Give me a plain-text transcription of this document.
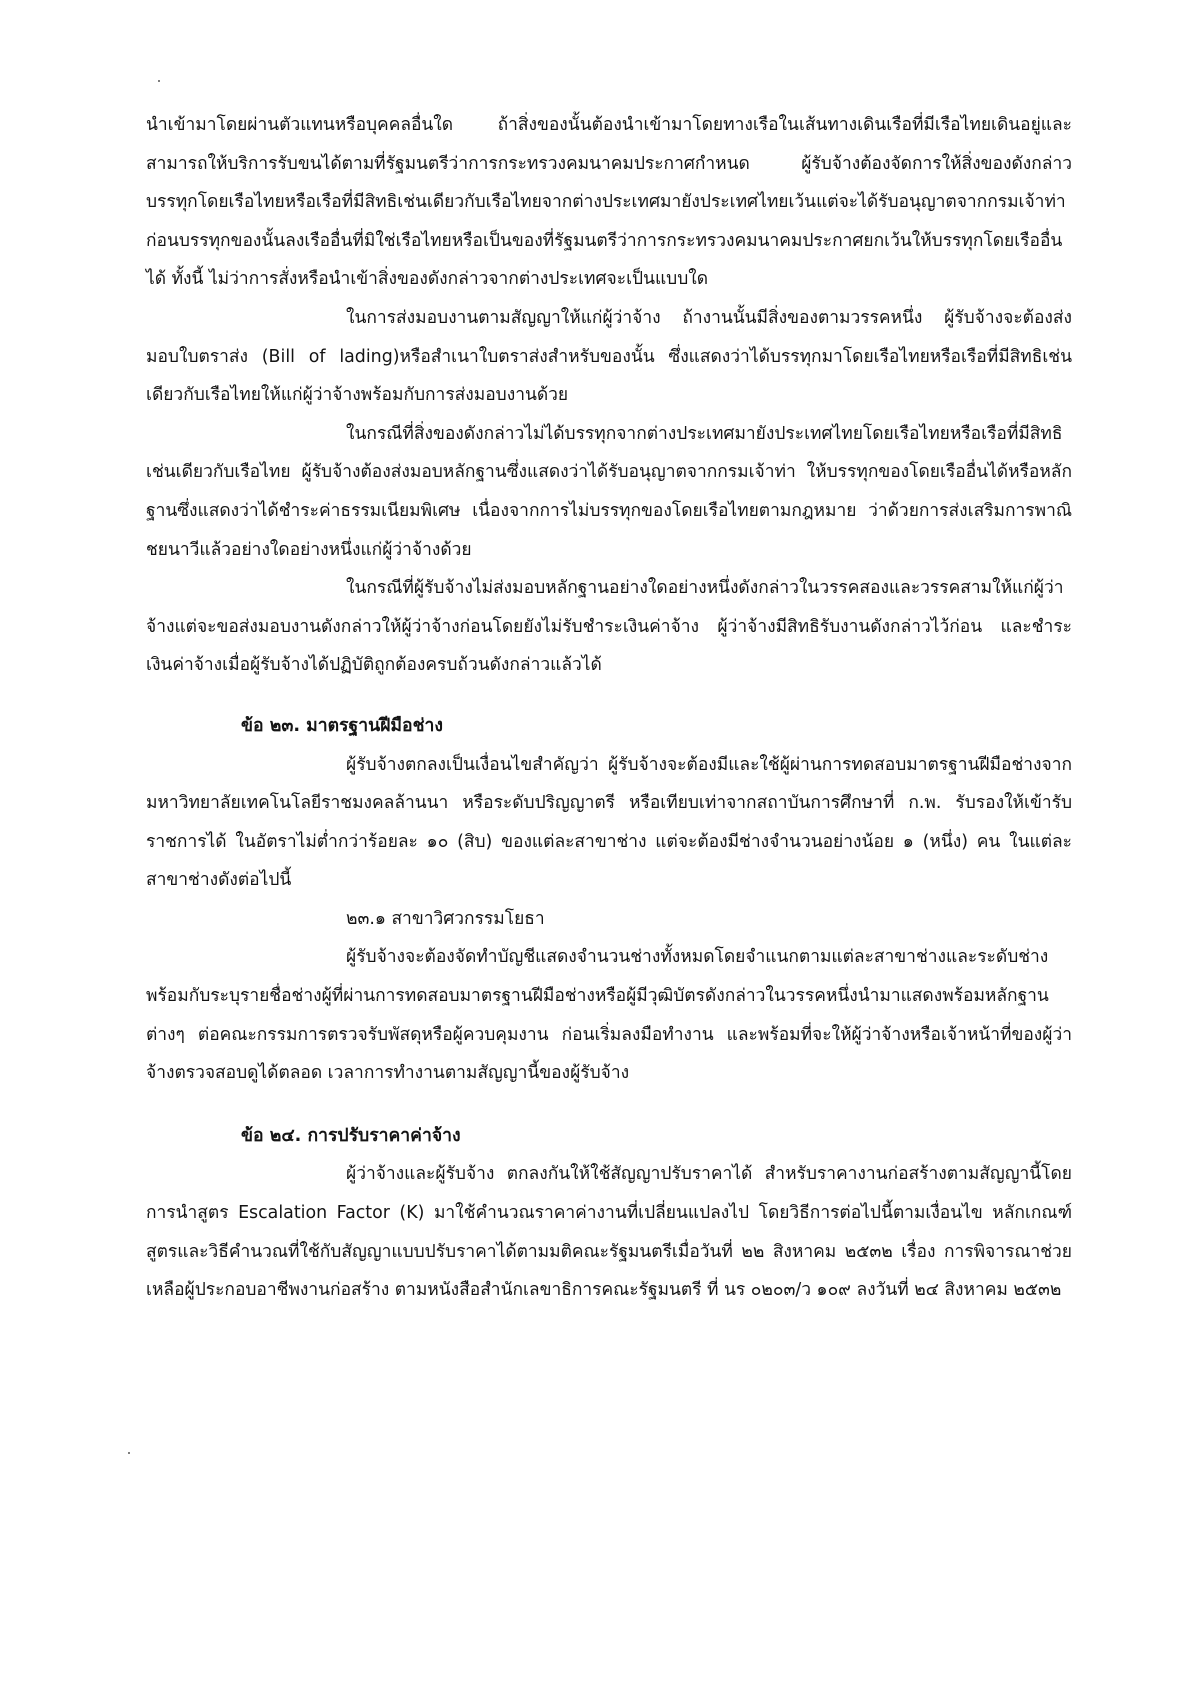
นำเข้ามาโดยผ่านตัวแทนหรือบุคคลอื่นใด ถ้าสิ่งของนั้นต้องนำเข้ามาโดยทางเรือในเส้นทางเดินเรือที่มีเรือไทยเดินอยู่และสามารถให้บริการรับขนได้ตามที่รัฐมนตรีว่าการกระทรวงคมนาคมประกาศกำหนด ผู้รับจ้างต้องจัดการให้สิ่งของดังกล่าวบรรทุกโดยเรือไทยหรือเรือที่มีสิทธิเช่นเดียวกับเรือไทยจากต่างประเทศมายังประเทศไทยเว้นแต่จะได้รับอนุญาตจากกรมเจ้าท่าก่อนบรรทุกของนั้นลงเรืออื่นที่มิใช่เรือไทยหรือเป็นของที่รัฐมนตรีว่าการกระทรวงคมนาคมประกาศยกเว้นให้บรรทุกโดยเรืออื่นได้ ทั้งนี้ ไม่ว่าการสั่งหรือนำเข้าสิ่งของดังกล่าวจากต่างประเทศจะเป็นแบบใด

ในการส่งมอบงานตามสัญญาให้แก่ผู้ว่าจ้าง ถ้างานนั้นมีสิ่งของตามวรรคหนึ่ง ผู้รับจ้างจะต้องส่งมอบใบตราส่ง (Bill of lading)หรือสำเนาใบตราส่งสำหรับของนั้น ซึ่งแสดงว่าได้บรรทุกมาโดยเรือไทยหรือเรือที่มีสิทธิเช่นเดียวกับเรือไทยให้แก่ผู้ว่าจ้างพร้อมกับการส่งมอบงานด้วย

ในกรณีที่สิ่งของดังกล่าวไม่ได้บรรทุกจากต่างประเทศมายังประเทศไทยโดยเรือไทยหรือเรือที่มีสิทธิเช่นเดียวกับเรือไทย ผู้รับจ้างต้องส่งมอบหลักฐานซึ่งแสดงว่าได้รับอนุญาตจากกรมเจ้าท่า ให้บรรทุกของโดยเรืออื่นได้หรือหลักฐานซึ่งแสดงว่าได้ชำระค่าธรรมเนียมพิเศษ เนื่องจากการไม่บรรทุกของโดยเรือไทยตามกฎหมาย ว่าด้วยการส่งเสริมการพาณิชยนาวีแล้วอย่างใดอย่างหนึ่งแก่ผู้ว่าจ้างด้วย

ในกรณีที่ผู้รับจ้างไม่ส่งมอบหลักฐานอย่างใดอย่างหนึ่งดังกล่าวในวรรคสองและวรรคสามให้แก่ผู้ว่าจ้างแต่จะขอส่งมอบงานดังกล่าวให้ผู้ว่าจ้างก่อนโดยยังไม่รับชำระเงินค่าจ้าง ผู้ว่าจ้างมีสิทธิรับงานดังกล่าวไว้ก่อน และชำระเงินค่าจ้างเมื่อผู้รับจ้างได้ปฏิบัติถูกต้องครบถ้วนดังกล่าวแล้วได้

ข้อ ๒๓. มาตรฐานฝีมือช่าง

ผู้รับจ้างตกลงเป็นเงื่อนไขสำคัญว่า ผู้รับจ้างจะต้องมีและใช้ผู้ผ่านการทดสอบมาตรฐานฝีมือช่างจาก มหาวิทยาลัยเทคโนโลยีราชมงคลล้านนา หรือระดับปริญญาตรี หรือเทียบเท่าจากสถาบันการศึกษาที่ ก.พ. รับรองให้เข้ารับราชการได้ ในอัตราไม่ต่ำกว่าร้อยละ ๑๐ (สิบ) ของแต่ละสาขาช่าง แต่จะต้องมีช่างจำนวนอย่างน้อย ๑ (หนึ่ง) คน ในแต่ละสาขาช่างดังต่อไปนี้

๒๓.๑ สาขาวิศวกรรมโยธา

ผู้รับจ้างจะต้องจัดทำบัญชีแสดงจำนวนช่างทั้งหมดโดยจำแนกตามแต่ละสาขาช่างและระดับช่างพร้อมกับระบุรายชื่อช่างผู้ที่ผ่านการทดสอบมาตรฐานฝีมือช่างหรือผู้มีวุฒิบัตรดังกล่าวในวรรคหนึ่งนำมาแสดงพร้อมหลักฐานต่างๆ ต่อคณะกรรมการตรวจรับพัสดุหรือผู้ควบคุมงาน ก่อนเริ่มลงมือทำงาน และพร้อมที่จะให้ผู้ว่าจ้างหรือเจ้าหน้าที่ของผู้ว่าจ้างตรวจสอบดูได้ตลอด เวลาการทำงานตามสัญญานี้ของผู้รับจ้าง

ข้อ ๒๔. การปรับราคาค่าจ้าง

ผู้ว่าจ้างและผู้รับจ้าง ตกลงกันให้ใช้สัญญาปรับราคาได้ สำหรับราคางานก่อสร้างตามสัญญานี้โดยการนำสูตร Escalation Factor (K) มาใช้คำนวณราคาค่างานที่เปลี่ยนแปลงไป โดยวิธีการต่อไปนี้ตามเงื่อนไข หลักเกณฑ์ สูตรและวิธีคำนวณที่ใช้กับสัญญาแบบปรับราคาได้ตามมติคณะรัฐมนตรีเมื่อวันที่ ๒๒ สิงหาคม ๒๕๓๒ เรื่อง การพิจารณาช่วยเหลือผู้ประกอบอาชีพงานก่อสร้าง ตามหนังสือสำนักเลขาธิการคณะรัฐมนตรี ที่ นร ๐๒๐๓/ว ๑๐๙ ลงวันที่ ๒๔ สิงหาคม ๒๕๓๒
